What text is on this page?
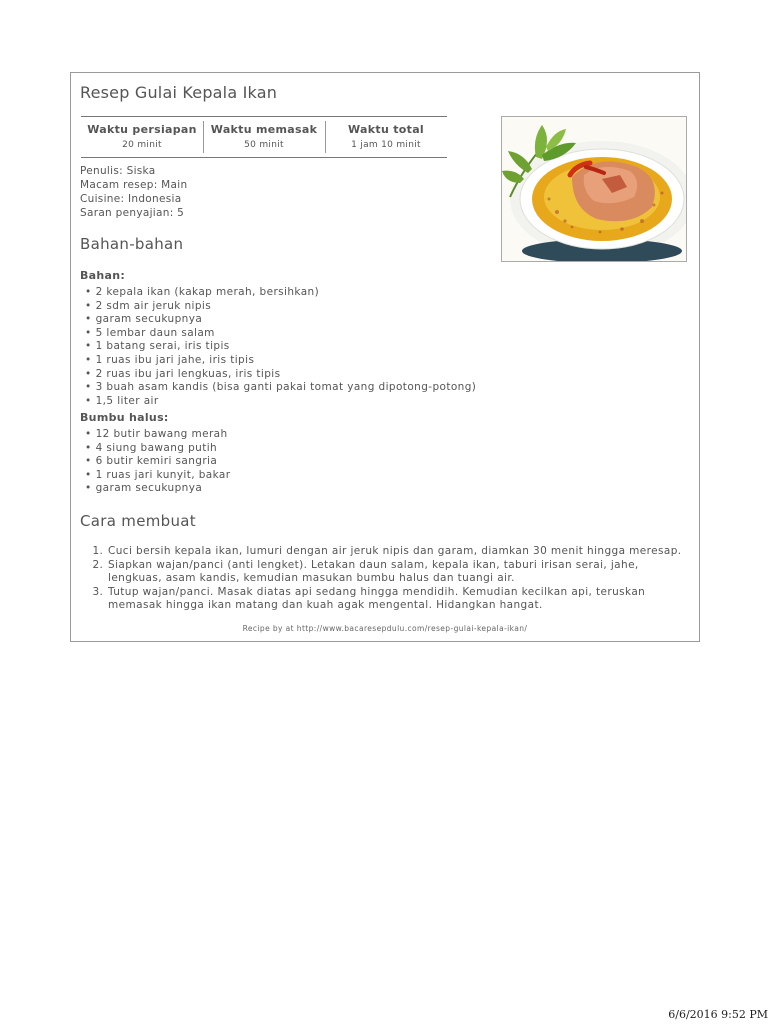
Resep Gulai Kepala Ikan
Waktu persiapan
20 minit
Waktu memasak
50 minit
Waktu total
1 jam 10 minit
Penulis: Siska
Macam resep: Main
Cuisine: Indonesia
Saran penyajian: 5
Bahan-bahan
Bahan:
• 2 kepala ikan (kakap merah, bersihkan)
• 2 sdm air jeruk nipis
• garam secukupnya
• 5 lembar daun salam
• 1 batang serai, iris tipis
• 1 ruas ibu jari jahe, iris tipis
• 2 ruas ibu jari lengkuas, iris tipis
• 3 buah asam kandis (bisa ganti pakai tomat yang dipotong-potong)
• 1,5 liter air
Bumbu halus:
• 12 butir bawang merah
• 4 siung bawang putih
• 6 butir kemiri sangria
• 1 ruas jari kunyit, bakar
• garam secukupnya
Cara membuat
1. Cuci bersih kepala ikan, lumuri dengan air jeruk nipis dan garam, diamkan 30 menit hingga meresap.
2. Siapkan wajan/panci (anti lengket). Letakan daun salam, kepala ikan, taburi irisan serai, jahe, lengkuas, asam kandis, kemudian masukan bumbu halus dan tuangi air.
3. Tutup wajan/panci. Masak diatas api sedang hingga mendidih. Kemudian kecilkan api, teruskan memasak hingga ikan matang dan kuah agak mengental. Hidangkan hangat.
Recipe by at http://www.bacaresepdulu.com/resep-gulai-kepala-ikan/
6/6/2016 9:52 PM
